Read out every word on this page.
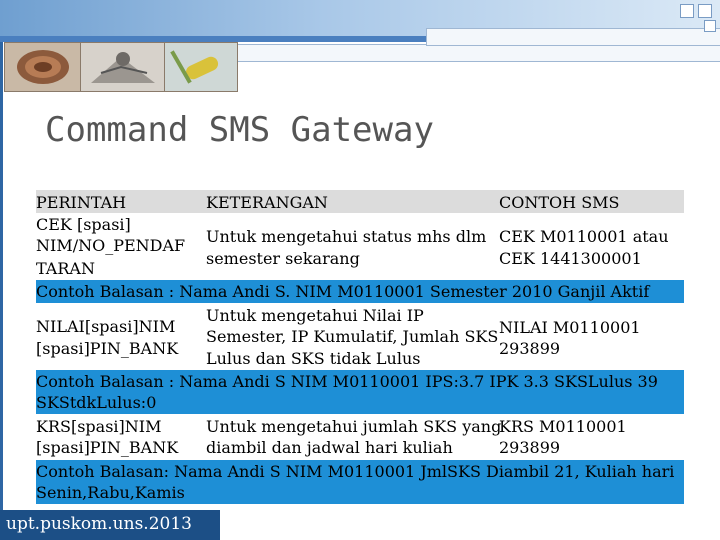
Command SMS Gateway
PERINTAH	KETERANGAN	CONTOH SMS
CEK [spasi]
NIM/NO_PENDAF
TARAN
Untuk mengetahui status mhs dlm
semester sekarang
CEK M0110001 atau
CEK 1441300001
Contoh Balasan : Nama Andi S. NIM M0110001 Semester 2010 Ganjil Aktif
NILAI[spasi]NIM
[spasi]PIN_BANK
Untuk mengetahui Nilai IP
Semester, IP Kumulatif, Jumlah SKS
Lulus dan SKS tidak Lulus
NILAI M0110001
293899
Contoh Balasan : Nama Andi S NIM M0110001 IPS:3.7 IPK 3.3 SKSLulus 39
SKStdkLulus:0
KRS[spasi]NIM
[spasi]PIN_BANK
Untuk mengetahui jumlah SKS yang
diambil dan jadwal hari kuliah
KRS M0110001
293899
Contoh Balasan: Nama Andi S NIM M0110001 JmlSKS Diambil 21, Kuliah hari
Senin,Rabu,Kamis
upt.puskom.uns.2013
